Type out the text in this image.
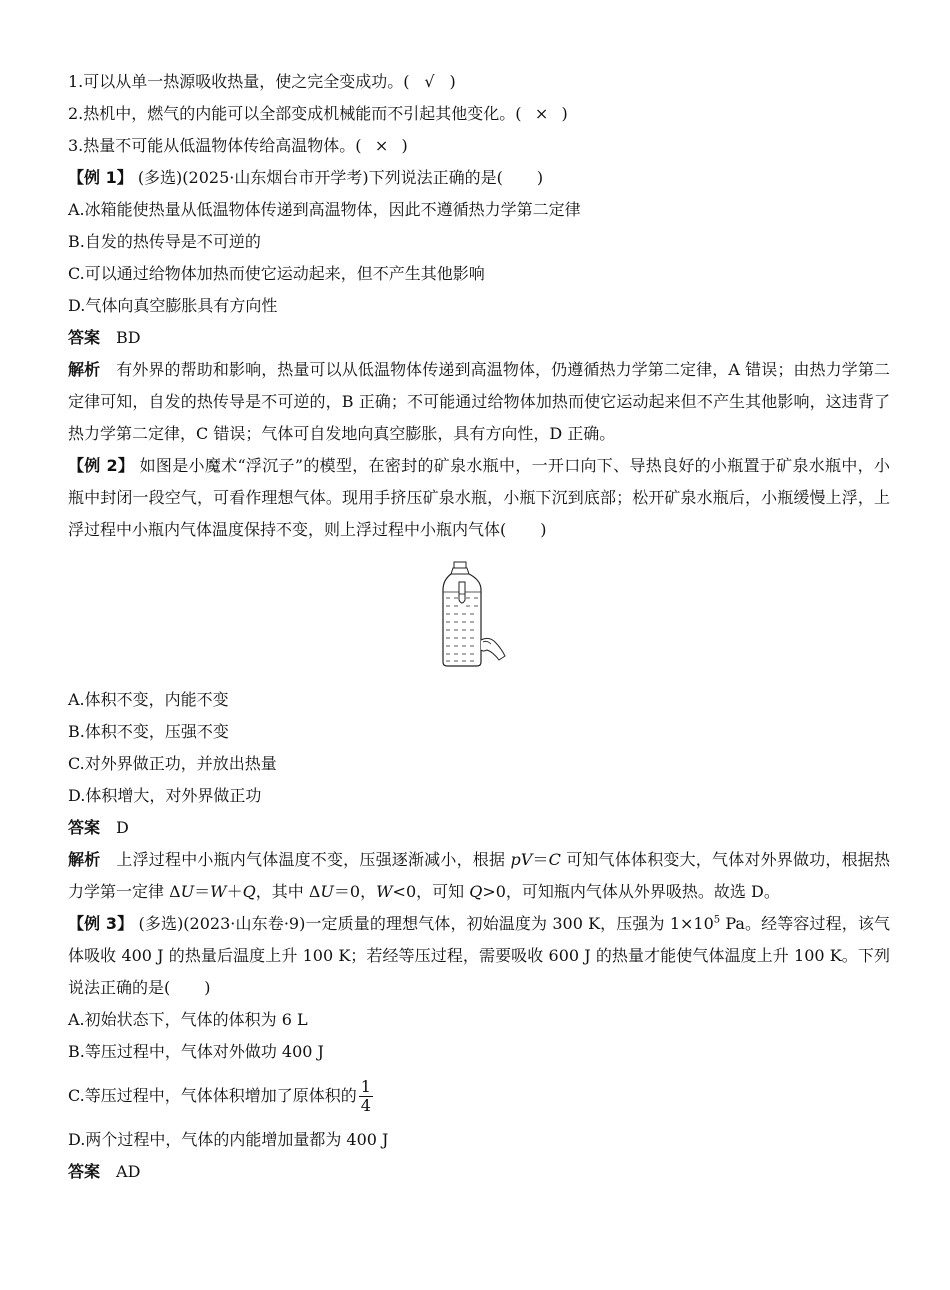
1.可以从单一热源吸收热量，使之完全变成功。( √ )
2.热机中，燃气的内能可以全部变成机械能而不引起其他变化。( × )
3.热量不可能从低温物体传给高温物体。( × )
【例 1】 (多选)(2025·山东烟台市开学考)下列说法正确的是( )
A.冰箱能使热量从低温物体传递到高温物体，因此不遵循热力学第二定律
B.自发的热传导是不可逆的
C.可以通过给物体加热而使它运动起来，但不产生其他影响
D.气体向真空膨胀具有方向性
答案 BD
解析 有外界的帮助和影响，热量可以从低温物体传递到高温物体，仍遵循热力学第二定律，A 错误；由热力学第二定律可知，自发的热传导是不可逆的，B 正确；不可能通过给物体加热而使它运动起来但不产生其他影响，这违背了热力学第二定律，C 错误；气体可自发地向真空膨胀，具有方向性，D 正确。
【例 2】 如图是小魔术“浮沉子”的模型，在密封的矿泉水瓶中，一开口向下、导热良好的小瓶置于矿泉水瓶中，小瓶中封闭一段空气，可看作理想气体。现用手挤压矿泉水瓶，小瓶下沉到底部；松开矿泉水瓶后，小瓶缓慢上浮，上浮过程中小瓶内气体温度保持不变，则上浮过程中小瓶内气体( )
A.体积不变，内能不变
B.体积不变，压强不变
C.对外界做正功，并放出热量
D.体积增大，对外界做正功
答案 D
解析 上浮过程中小瓶内气体温度不变，压强逐渐减小，根据 pV＝C 可知气体体积变大，气体对外界做功，根据热力学第一定律 ΔU＝W＋Q，其中 ΔU＝0，W<0，可知 Q>0，可知瓶内气体从外界吸热。故选 D。
【例 3】 (多选)(2023·山东卷·9)一定质量的理想气体，初始温度为 300 K，压强为 $1\times 10^5$ Pa。经等容过程，该气体吸收 400 J 的热量后温度上升 100 K；若经等压过程，需要吸收 600 J 的热量才能使气体温度上升 100 K。下列说法正确的是( )
A.初始状态下，气体的体积为 6 L
B.等压过程中，气体对外做功 400 J
C.等压过程中，气体体积增加了原体积的 $\frac{1}{4}$
D.两个过程中，气体的内能增加量都为 400 J
答案 AD
